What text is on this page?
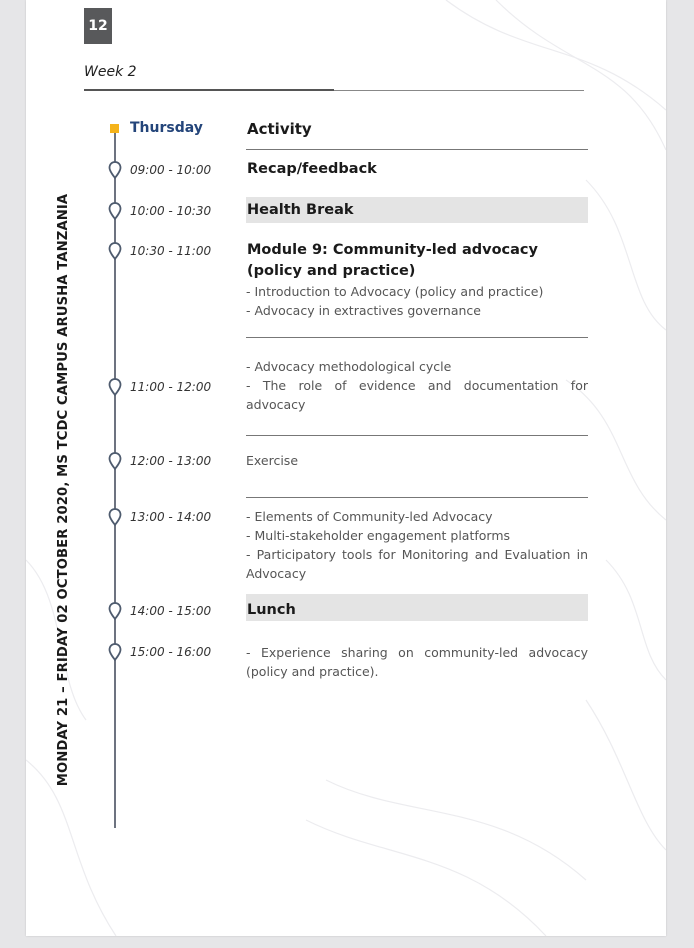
12
Week 2
MONDAY 21 – FRIDAY 02 OCTOBER 2020, MS TCDC CAMPUS ARUSHA TANZANIA
Thursday	Activity
09:00 - 10:00 Recap/feedback
10:00 - 10:30 Health Break
10:30 - 11:00 Module 9: Community-led advocacy (policy and practice)
- Introduction to Advocacy (policy and practice)
- Advocacy in extractives governance
11:00 - 12:00
- Advocacy methodological cycle
- The role of evidence and documentation for advocacy
12:00 - 13:00	Exercise
13:00 - 14:00	- Elements of Community-led Advocacy
- Multi-stakeholder engagement platforms
- Participatory tools for Monitoring and Evaluation in Advocacy
14:00 - 15:00 Lunch
15:00 - 16:00	- Experience sharing on community-led advocacy (policy and practice).
